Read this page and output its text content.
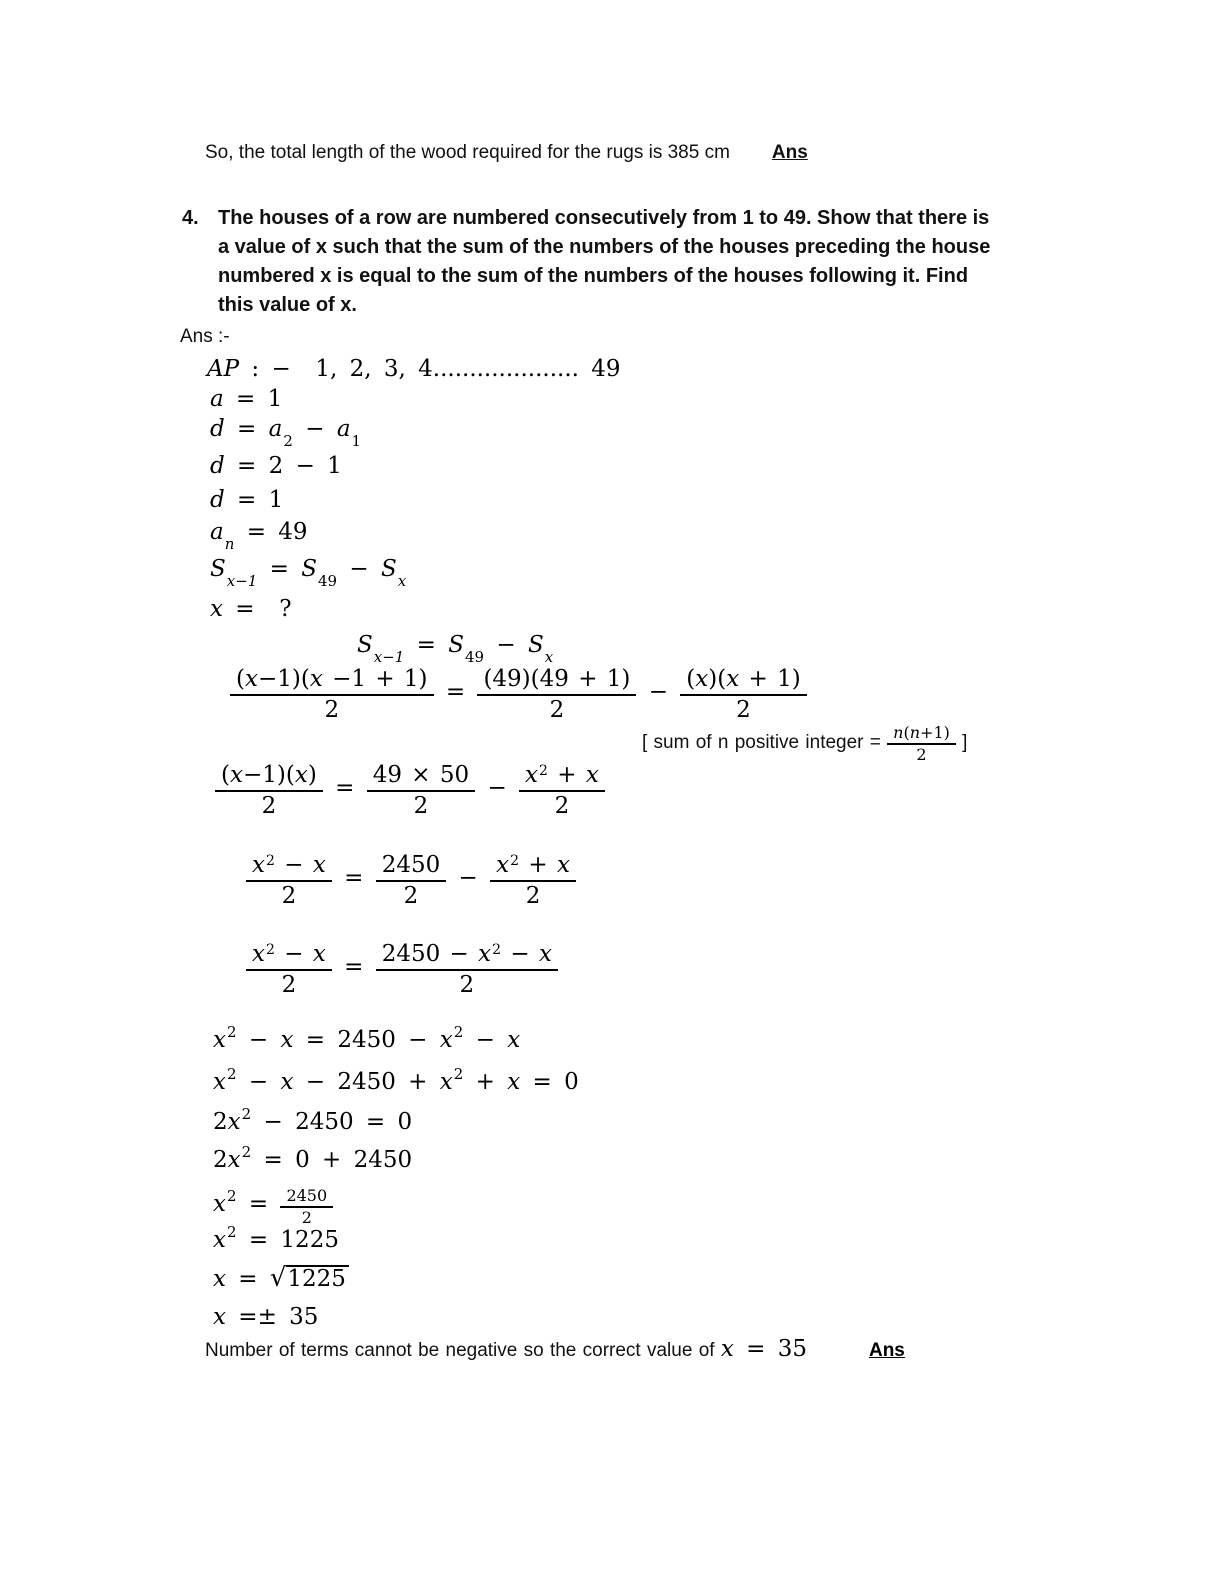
So, the total length of the wood required for the rugs is 385 cm Ans
4. The houses of a row are numbered consecutively from 1 to 49. Show that there is
a value of x such that the sum of the numbers of the houses preceding the house
numbered x is equal to the sum of the numbers of the houses following it. Find
this value of x.
Ans :-
AP : −  1, 2, 3, 4.................... 49
a = 1
$d = a_2 - a_1$
d = 2 − 1
d = 1
$a_n = 49$
$S_{x-1} = S_{49} - S_x$
x =  ?
$S_{x-1} = S_{49} - S_x$
$\frac{(x-1)(x -1 + 1)}{2} = \frac{(49)(49 + 1)}{2} - \frac{(x)(x + 1)}{2}$
[ sum of n positive integer = $\frac{n(n+1)}{2}$ ]
$\frac{(x-1)(x)}{2} = \frac{49 \times 50}{2} - \frac{x^2 + x}{2}$
$\frac{x^2 - x}{2} = \frac{2450}{2} - \frac{x^2 + x}{2}$
$\frac{x^2 - x}{2} = \frac{2450 - x^2 - x}{2}$
$x^2 - x = 2450 - x^2 - x$
$x^2 - x - 2450 + x^2 + x = 0$
$2x^2 - 2450 = 0$
$2x^2 = 0 + 2450$
$x^2 = \frac{2450}{2}$
$x^2 = 1225$
x = √1225
x =± 35
Number of terms cannot be negative so the correct value of x = 35	Ans
